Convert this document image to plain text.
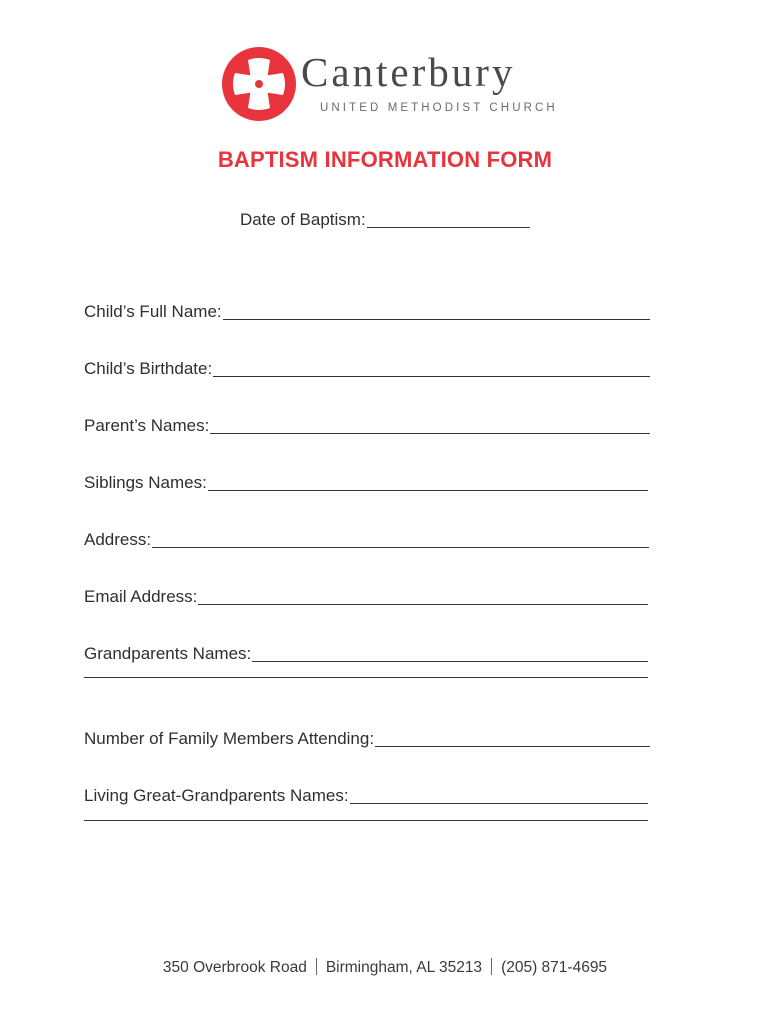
Canterbury
UNITED METHODIST CHURCH
BAPTISM INFORMATION FORM
Date of Baptism:
Child’s Full Name:
Child’s Birthdate:
Parent’s Names:
Siblings Names:
Address:
Email Address:
Grandparents Names:
Number of Family Members Attending:
Living Great-Grandparents Names:
350 Overbrook Road Birmingham, AL 35213 (205) 871-4695
